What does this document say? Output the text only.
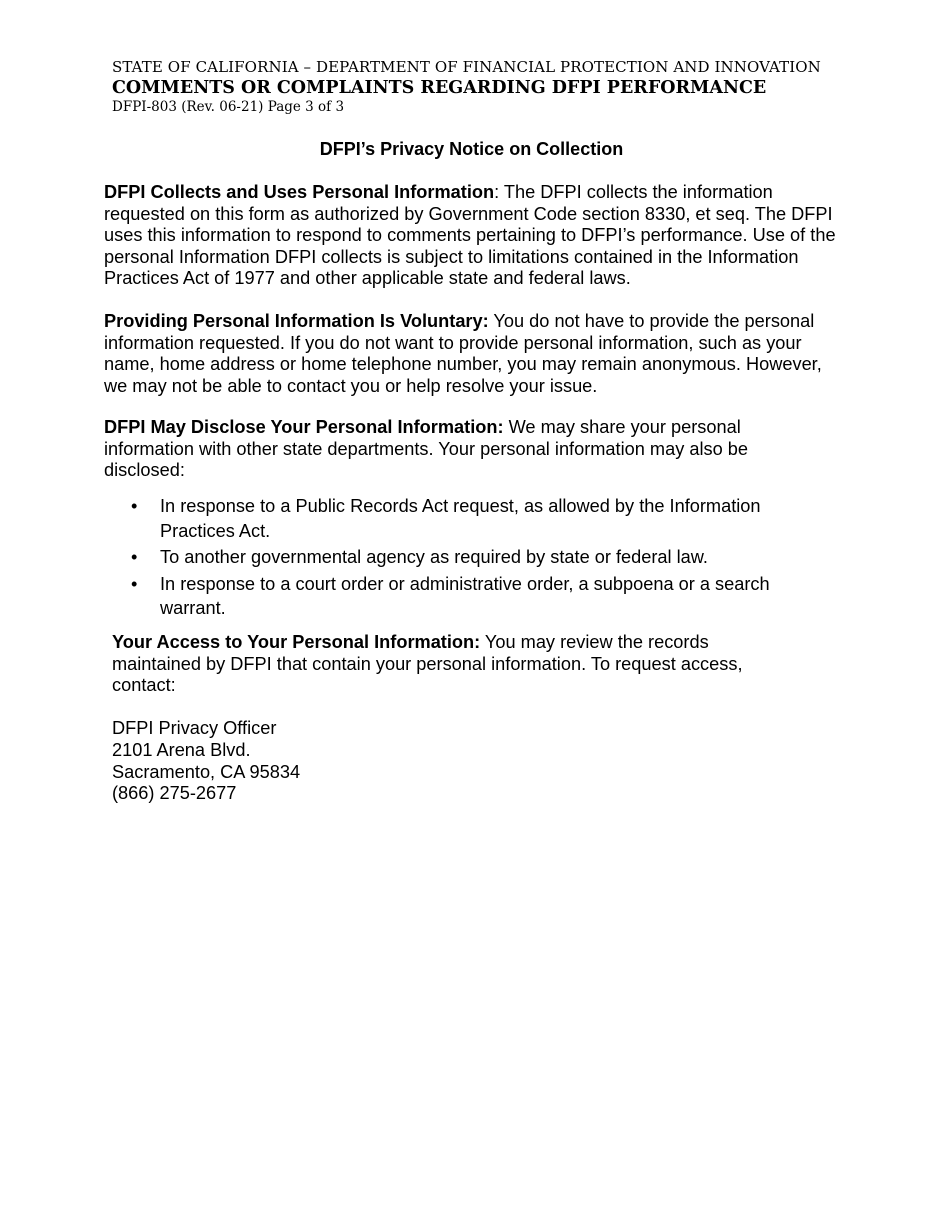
STATE OF CALIFORNIA – DEPARTMENT OF FINANCIAL PROTECTION AND INNOVATION
COMMENTS OR COMPLAINTS REGARDING DFPI PERFORMANCE
DFPI-803 (Rev. 06-21) Page 3 of 3
DFPI’s Privacy Notice on Collection
DFPI Collects and Uses Personal Information: The DFPI collects the information requested on this form as authorized by Government Code section 8330, et seq. The DFPI uses this information to respond to comments pertaining to DFPI’s performance. Use of the personal Information DFPI collects is subject to limitations contained in the Information Practices Act of 1977 and other applicable state and federal laws.
Providing Personal Information Is Voluntary: You do not have to provide the personal information requested. If you do not want to provide personal information, such as your name, home address or home telephone number, you may remain anonymous. However, we may not be able to contact you or help resolve your issue.
DFPI May Disclose Your Personal Information: We may share your personal information with other state departments. Your personal information may also be disclosed:
• In response to a Public Records Act request, as allowed by the Information Practices Act.
• To another governmental agency as required by state or federal law.
• In response to a court order or administrative order, a subpoena or a search warrant.
Your Access to Your Personal Information: You may review the records maintained by DFPI that contain your personal information. To request access, contact:
DFPI Privacy Officer
2101 Arena Blvd.
Sacramento, CA 95834
(866) 275-2677
